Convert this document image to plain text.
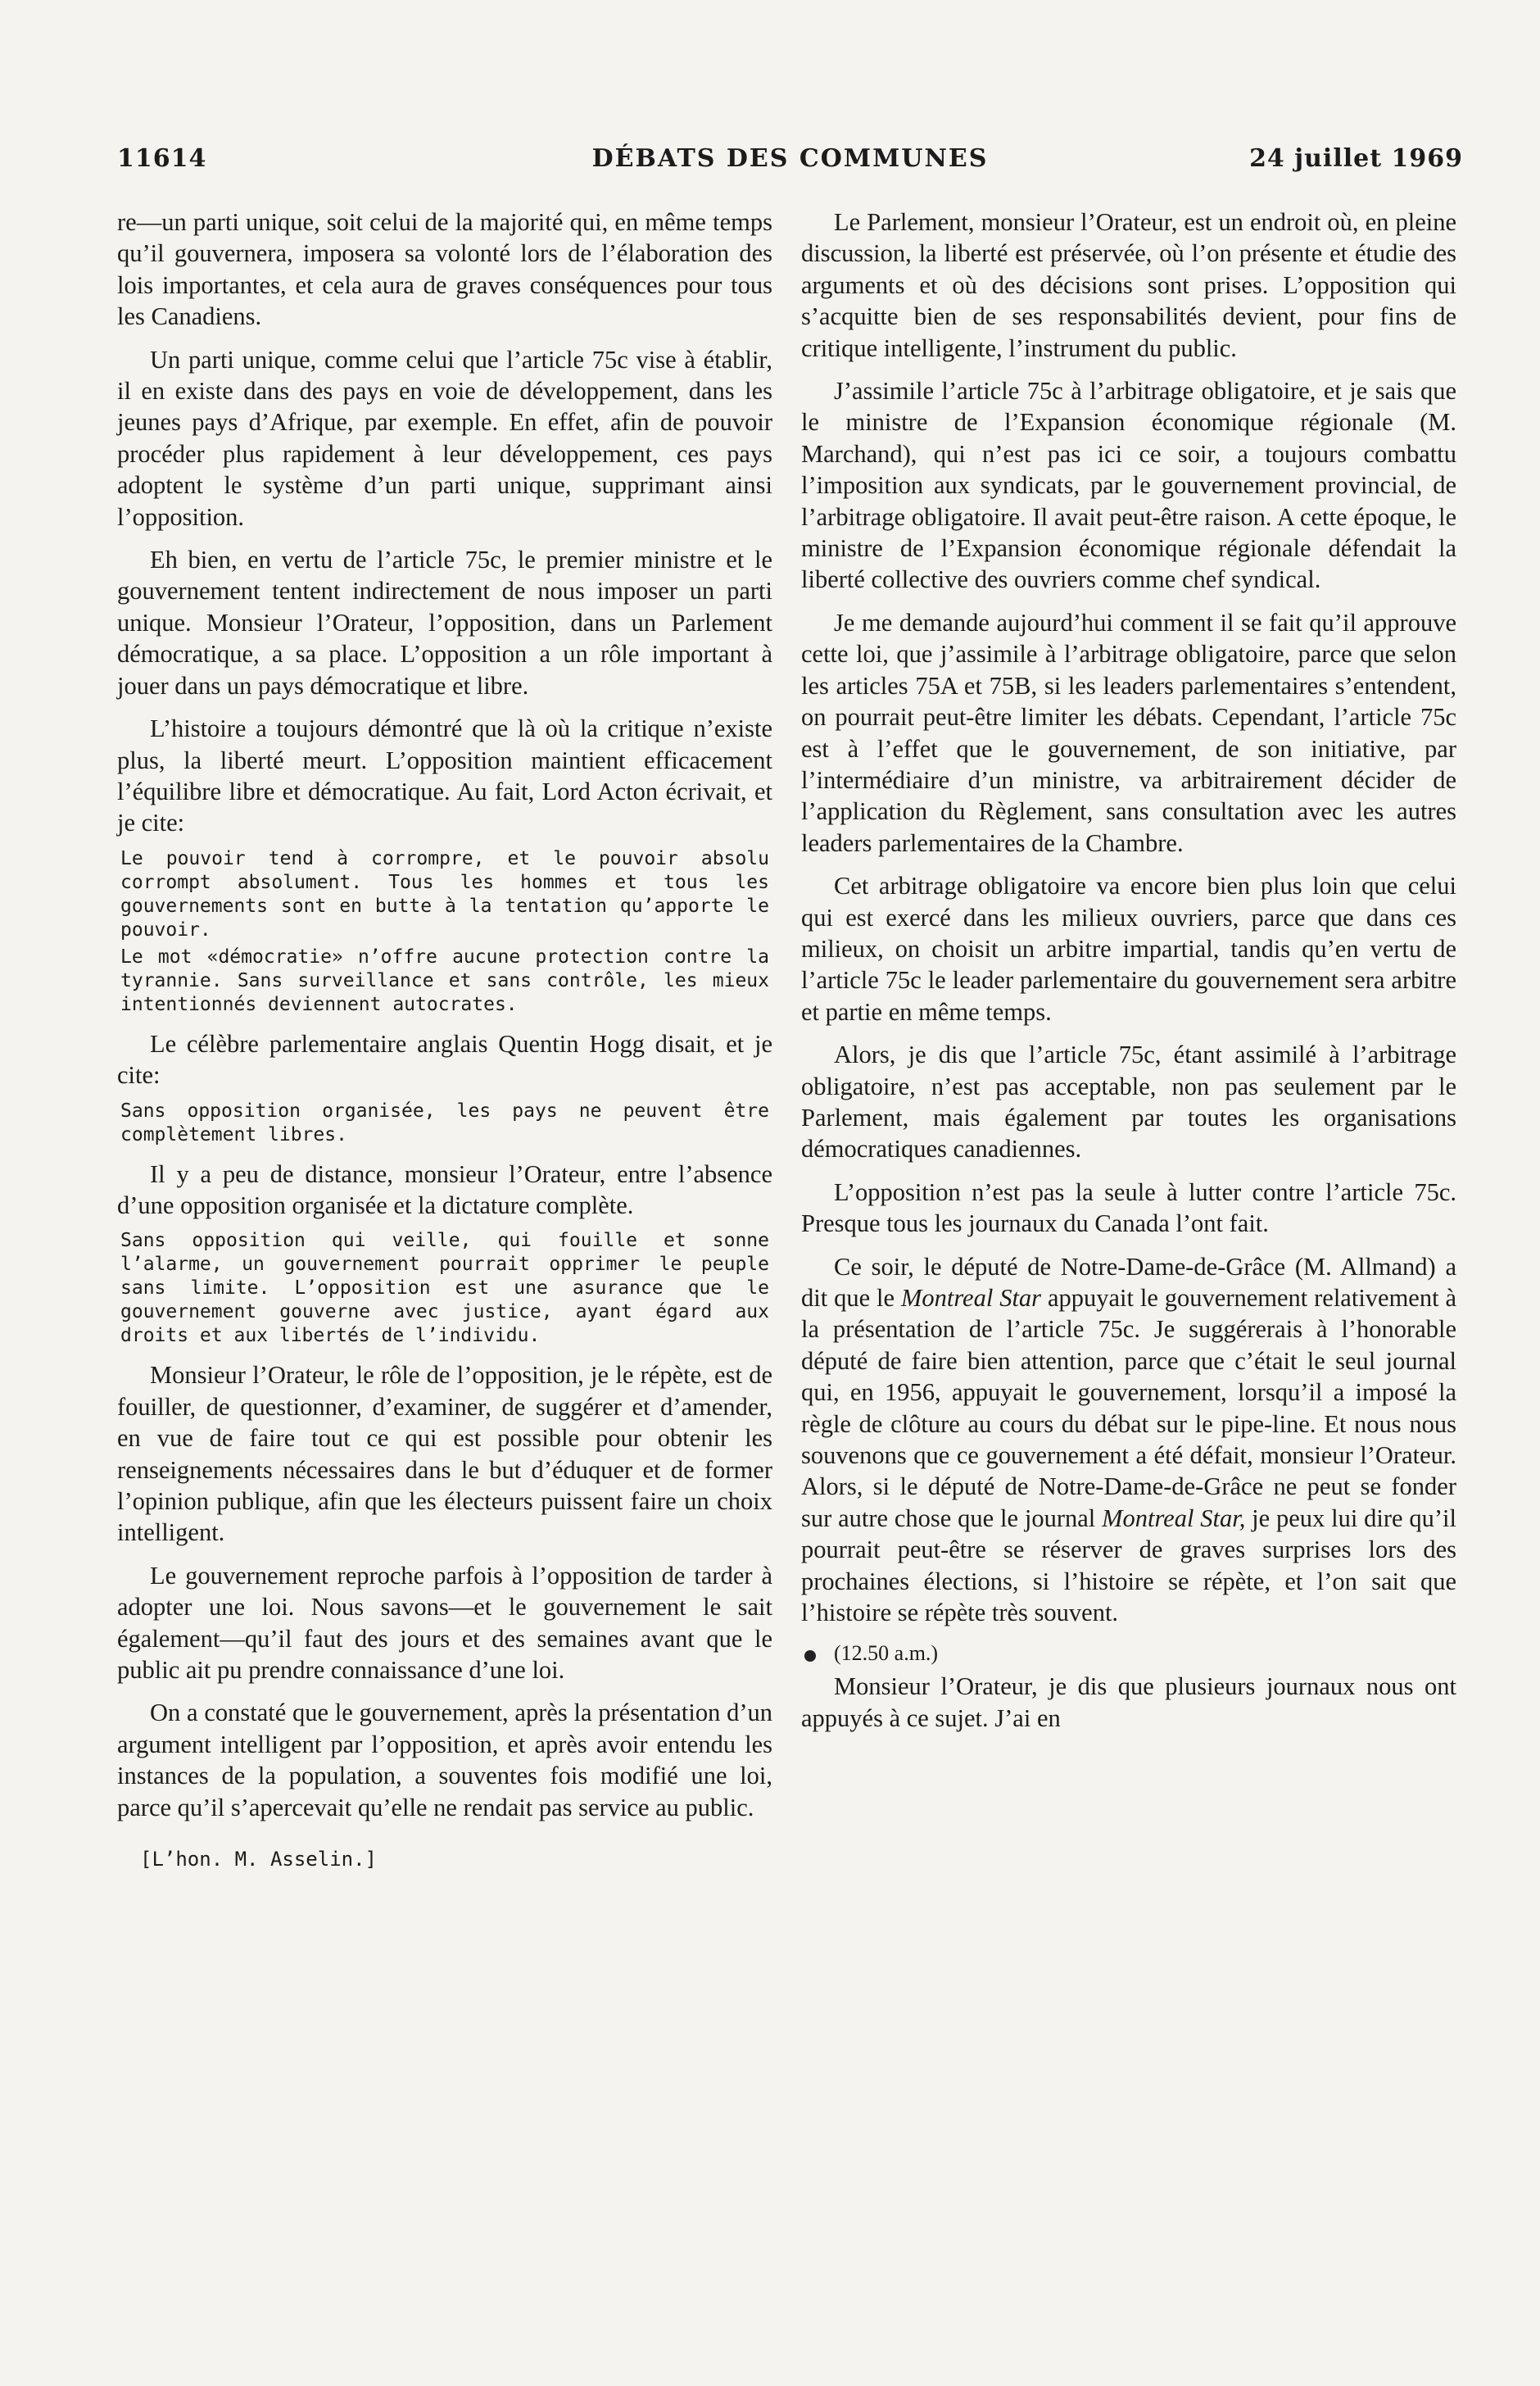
11614	DÉBATS DES COMMUNES	24 juillet 1969

re—un parti unique, soit celui de la majorité qui, en même temps qu’il gouvernera, imposera sa volonté lors de l’élaboration des lois importantes, et cela aura de graves conséquences pour tous les Canadiens.

Un parti unique, comme celui que l’article 75c vise à établir, il en existe dans des pays en voie de développement, dans les jeunes pays d’Afrique, par exemple. En effet, afin de pouvoir procéder plus rapidement à leur développement, ces pays adoptent le système d’un parti unique, supprimant ainsi l’opposition.

Eh bien, en vertu de l’article 75c, le premier ministre et le gouvernement tentent indirectement de nous imposer un parti unique. Monsieur l’Orateur, l’opposition, dans un Parlement démocratique, a sa place. L’opposition a un rôle important à jouer dans un pays démocratique et libre.

L’histoire a toujours démontré que là où la critique n’existe plus, la liberté meurt. L’opposition maintient efficacement l’équilibre libre et démocratique. Au fait, Lord Acton écrivait, et je cite:

Le pouvoir tend à corrompre, et le pouvoir absolu corrompt absolument. Tous les hommes et tous les gouvernements sont en butte à la tentation qu’apporte le pouvoir.

Le mot «démocratie» n’offre aucune protection contre la tyrannie. Sans surveillance et sans contrôle, les mieux intentionnés deviennent autocrates.

Le célèbre parlementaire anglais Quentin Hogg disait, et je cite:

Sans opposition organisée, les pays ne peuvent être complètement libres.

Il y a peu de distance, monsieur l’Orateur, entre l’absence d’une opposition organisée et la dictature complète.

Sans opposition qui veille, qui fouille et sonne l’alarme, un gouvernement pourrait opprimer le peuple sans limite. L’opposition est une asurance que le gouvernement gouverne avec justice, ayant égard aux droits et aux libertés de l’individu.

Monsieur l’Orateur, le rôle de l’opposition, je le répète, est de fouiller, de questionner, d’examiner, de suggérer et d’amender, en vue de faire tout ce qui est possible pour obtenir les renseignements nécessaires dans le but d’éduquer et de former l’opinion publique, afin que les électeurs puissent faire un choix intelligent.

Le gouvernement reproche parfois à l’opposition de tarder à adopter une loi. Nous savons—et le gouvernement le sait également—qu’il faut des jours et des semaines avant que le public ait pu prendre connaissance d’une loi.

On a constaté que le gouvernement, après la présentation d’un argument intelligent par l’opposition, et après avoir entendu les instances de la population, a souventes fois modifié une loi, parce qu’il s’apercevait qu’elle ne rendait pas service au public.

[L’hon. M. Asselin.]

Le Parlement, monsieur l’Orateur, est un endroit où, en pleine discussion, la liberté est préservée, où l’on présente et étudie des arguments et où des décisions sont prises. L’opposition qui s’acquitte bien de ses responsabilités devient, pour fins de critique intelligente, l’instrument du public.

J’assimile l’article 75c à l’arbitrage obligatoire, et je sais que le ministre de l’Expansion économique régionale (M. Marchand), qui n’est pas ici ce soir, a toujours combattu l’imposition aux syndicats, par le gouvernement provincial, de l’arbitrage obligatoire. Il avait peut-être raison. A cette époque, le ministre de l’Expansion économique régionale défendait la liberté collective des ouvriers comme chef syndical.

Je me demande aujourd’hui comment il se fait qu’il approuve cette loi, que j’assimile à l’arbitrage obligatoire, parce que selon les articles 75A et 75B, si les leaders parlementaires s’entendent, on pourrait peut-être limiter les débats. Cependant, l’article 75c est à l’effet que le gouvernement, de son initiative, par l’intermédiaire d’un ministre, va arbitrairement décider de l’application du Règlement, sans consultation avec les autres leaders parlementaires de la Chambre.

Cet arbitrage obligatoire va encore bien plus loin que celui qui est exercé dans les milieux ouvriers, parce que dans ces milieux, on choisit un arbitre impartial, tandis qu’en vertu de l’article 75c le leader parlementaire du gouvernement sera arbitre et partie en même temps.

Alors, je dis que l’article 75c, étant assimilé à l’arbitrage obligatoire, n’est pas acceptable, non pas seulement par le Parlement, mais également par toutes les organisations démocratiques canadiennes.

L’opposition n’est pas la seule à lutter contre l’article 75c. Presque tous les journaux du Canada l’ont fait.

Ce soir, le député de Notre-Dame-de-Grâce (M. Allmand) a dit que le Montreal Star appuyait le gouvernement relativement à la présentation de l’article 75c. Je suggérerais à l’honorable député de faire bien attention, parce que c’était le seul journal qui, en 1956, appuyait le gouvernement, lorsqu’il a imposé la règle de clôture au cours du débat sur le pipe-line. Et nous nous souvenons que ce gouvernement a été défait, monsieur l’Orateur. Alors, si le député de Notre-Dame-de-Grâce ne peut se fonder sur autre chose que le journal Montreal Star, je peux lui dire qu’il pourrait peut-être se réserver de graves surprises lors des prochaines élections, si l’histoire se répète, et l’on sait que l’histoire se répète très souvent.

(12.50 a.m.)

Monsieur l’Orateur, je dis que plusieurs journaux nous ont appuyés à ce sujet. J’ai en
